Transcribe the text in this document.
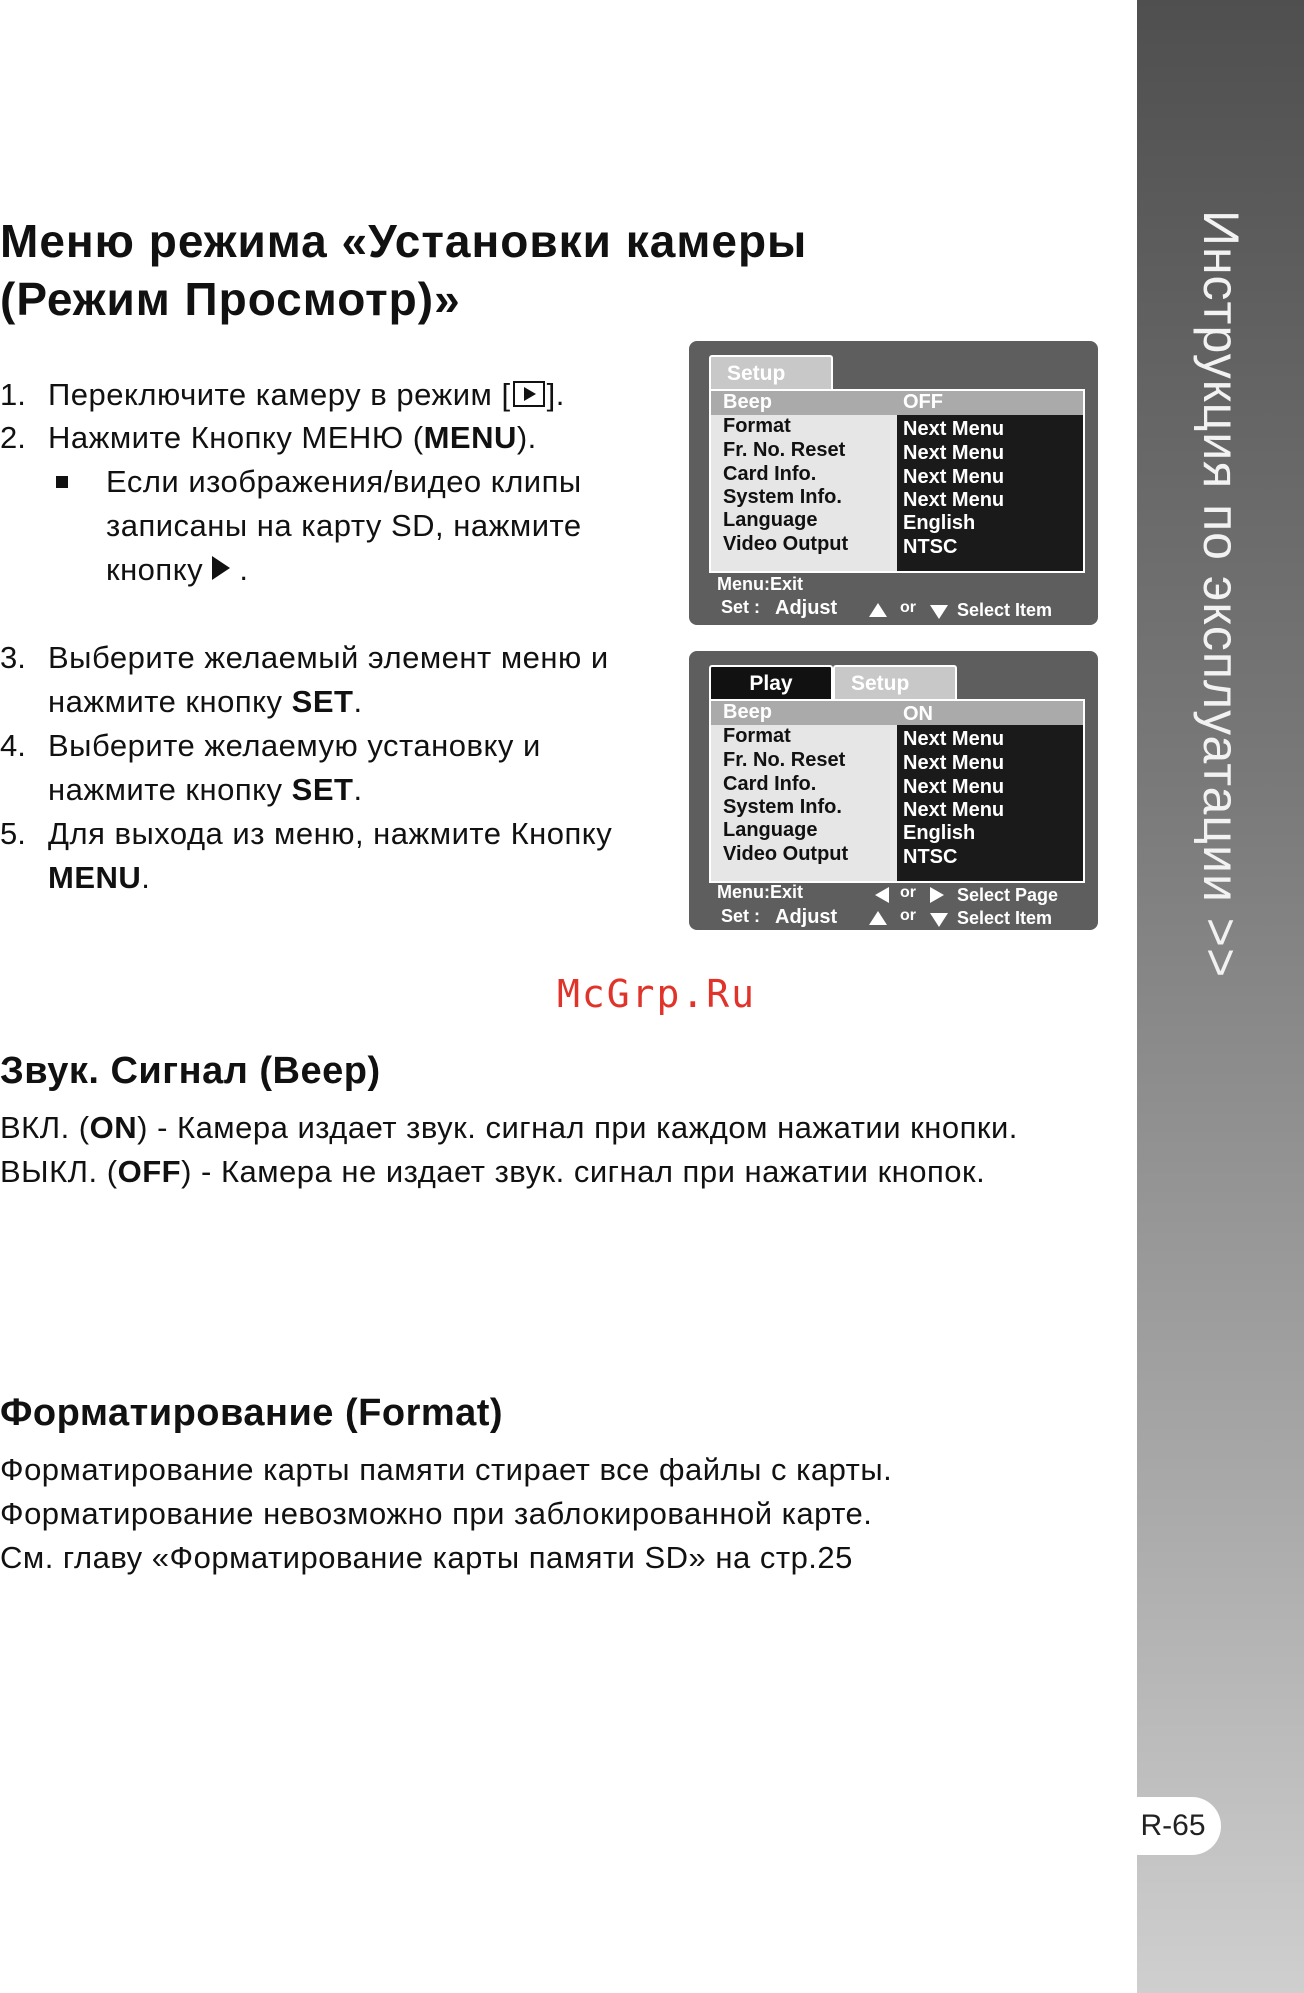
Инструкция по эксплуатации >>
R-65
Меню режима «Установки камеры
(Режим Просмотр)»
1. Переключите камеру в режим [ ].
2. Нажмите Кнопку МЕНЮ (MENU).
Если изображения/видео клипы
записаны на карту SD, нажмите
кнопку .
3. Выберите желаемый элемент меню и
нажмите кнопку SET.
4. Выберите желаемую установку и
нажмите кнопку SET.
5. Для выхода из меню, нажмите Кнопку
MENU.
Setup
Beep	OFF
Format	Next Menu
Fr. No. Reset	Next Menu
Card Info.	Next Menu
System Info.	Next Menu
Language	English
Video Output	NTSC
Menu:Exit
Set : Adjust	or Select Item
Play	Setup
Beep	ON
Format	Next Menu
Fr. No. Reset	Next Menu
Card Info.	Next Menu
System Info.	Next Menu
Language	English
Video Output	NTSC
Menu:Exit	or Select Page
Set : Adjust	or Select Item
McGrp.Ru
Звук. Сигнал (Beep)
ВКЛ. (ON) - Камера издает звук. сигнал при каждом нажатии кнопки.
ВЫКЛ. (OFF) - Камера не издает звук. сигнал при нажатии кнопок.
Форматирование (Format)
Форматирование карты памяти стирает все файлы с карты.
Форматирование невозможно при заблокированной карте.
См. главу «Форматирование карты памяти SD» на стр.25
